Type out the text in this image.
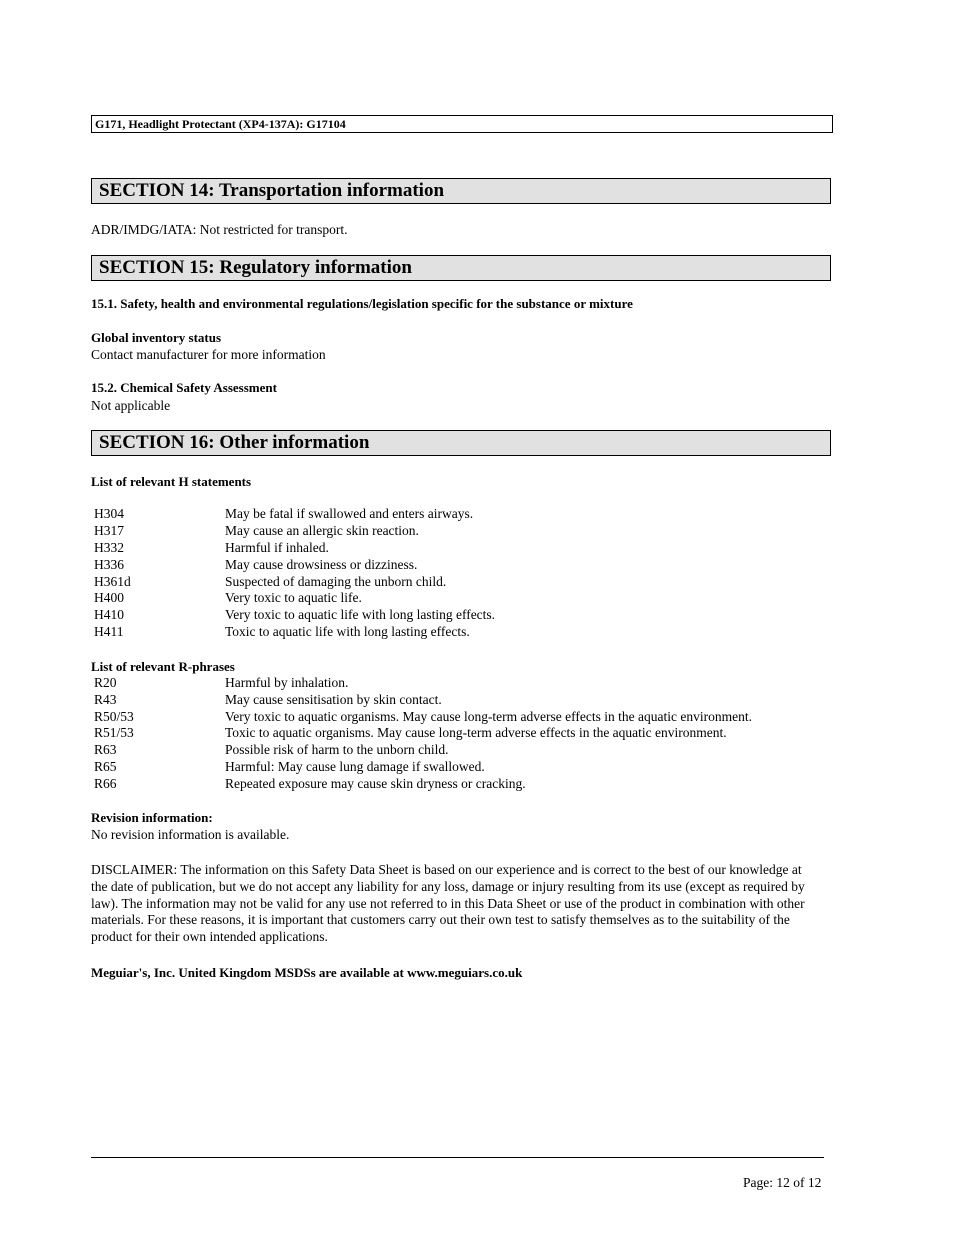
G171, Headlight Protectant (XP4-137A): G17104
SECTION 14: Transportation information
ADR/IMDG/IATA: Not restricted for transport.
SECTION 15: Regulatory information
15.1. Safety, health and environmental regulations/legislation specific for the substance or mixture
Global inventory status
Contact manufacturer for more information
15.2. Chemical Safety Assessment
Not applicable
SECTION 16: Other information
List of relevant H statements
H304	May be fatal if swallowed and enters airways.
H317	May cause an allergic skin reaction.
H332	Harmful if inhaled.
H336	May cause drowsiness or dizziness.
H361d	Suspected of damaging the unborn child.
H400	Very toxic to aquatic life.
H410	Very toxic to aquatic life with long lasting effects.
H411	Toxic to aquatic life with long lasting effects.
List of relevant R-phrases
R20	Harmful by inhalation.
R43	May cause sensitisation by skin contact.
R50/53	Very toxic to aquatic organisms. May cause long-term adverse effects in the aquatic environment.
R51/53	Toxic to aquatic organisms. May cause long-term adverse effects in the aquatic environment.
R63	Possible risk of harm to the unborn child.
R65	Harmful: May cause lung damage if swallowed.
R66	Repeated exposure may cause skin dryness or cracking.
Revision information:
No revision information is available.
DISCLAIMER: The information on this Safety Data Sheet is based on our experience and is correct to the best of our knowledge at the date of publication, but we do not accept any liability for any loss, damage or injury resulting from its use (except as required by law). The information may not be valid for any use not referred to in this Data Sheet or use of the product in combination with other materials. For these reasons, it is important that customers carry out their own test to satisfy themselves as to the suitability of the product for their own intended applications.
Meguiar's, Inc. United Kingdom MSDSs are available at www.meguiars.co.uk
Page: 12 of 12
